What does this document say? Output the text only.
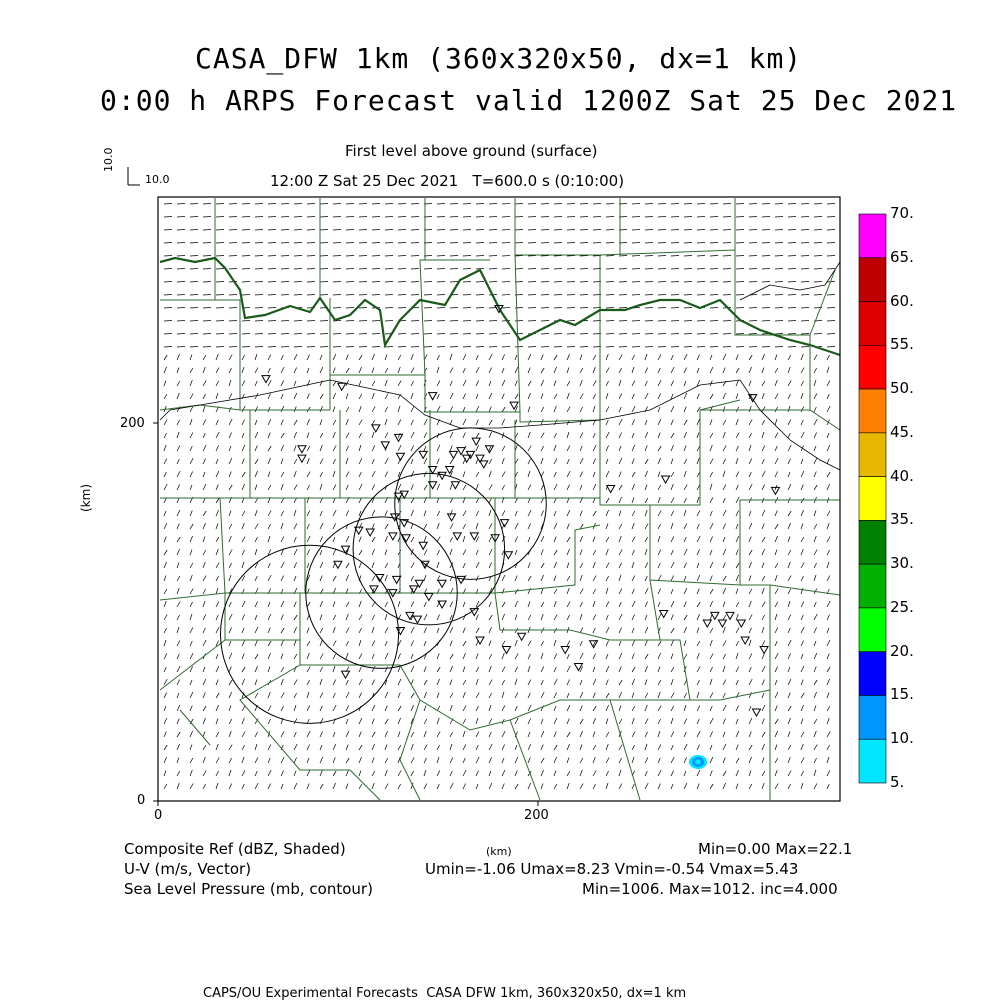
CASA_DFW 1km (360x320x50, dx=1 km)
0:00 h ARPS Forecast valid 1200Z Sat 25 Dec 2021
First level above ground (surface)
12:00 Z Sat 25 Dec 2021   T=600.0 s (0:10:00)
10.0
10.0
200
0
0	200
(km)
70.
65.
60.
55.
50.
45.
40.
35.
30.
25.
20.
15.
10.
5.
Composite Ref (dBZ, Shaded)	Min=0.00 Max=22.1
U-V (m/s, Vector)	Umin=-1.06 Umax=8.23 Vmin=-0.54 Vmax=5.43
Sea Level Pressure (mb, contour)	Min=1006. Max=1012. inc=4.000
(km)
CAPS/OU Experimental Forecasts  CASA DFW 1km, 360x320x50, dx=1 km
